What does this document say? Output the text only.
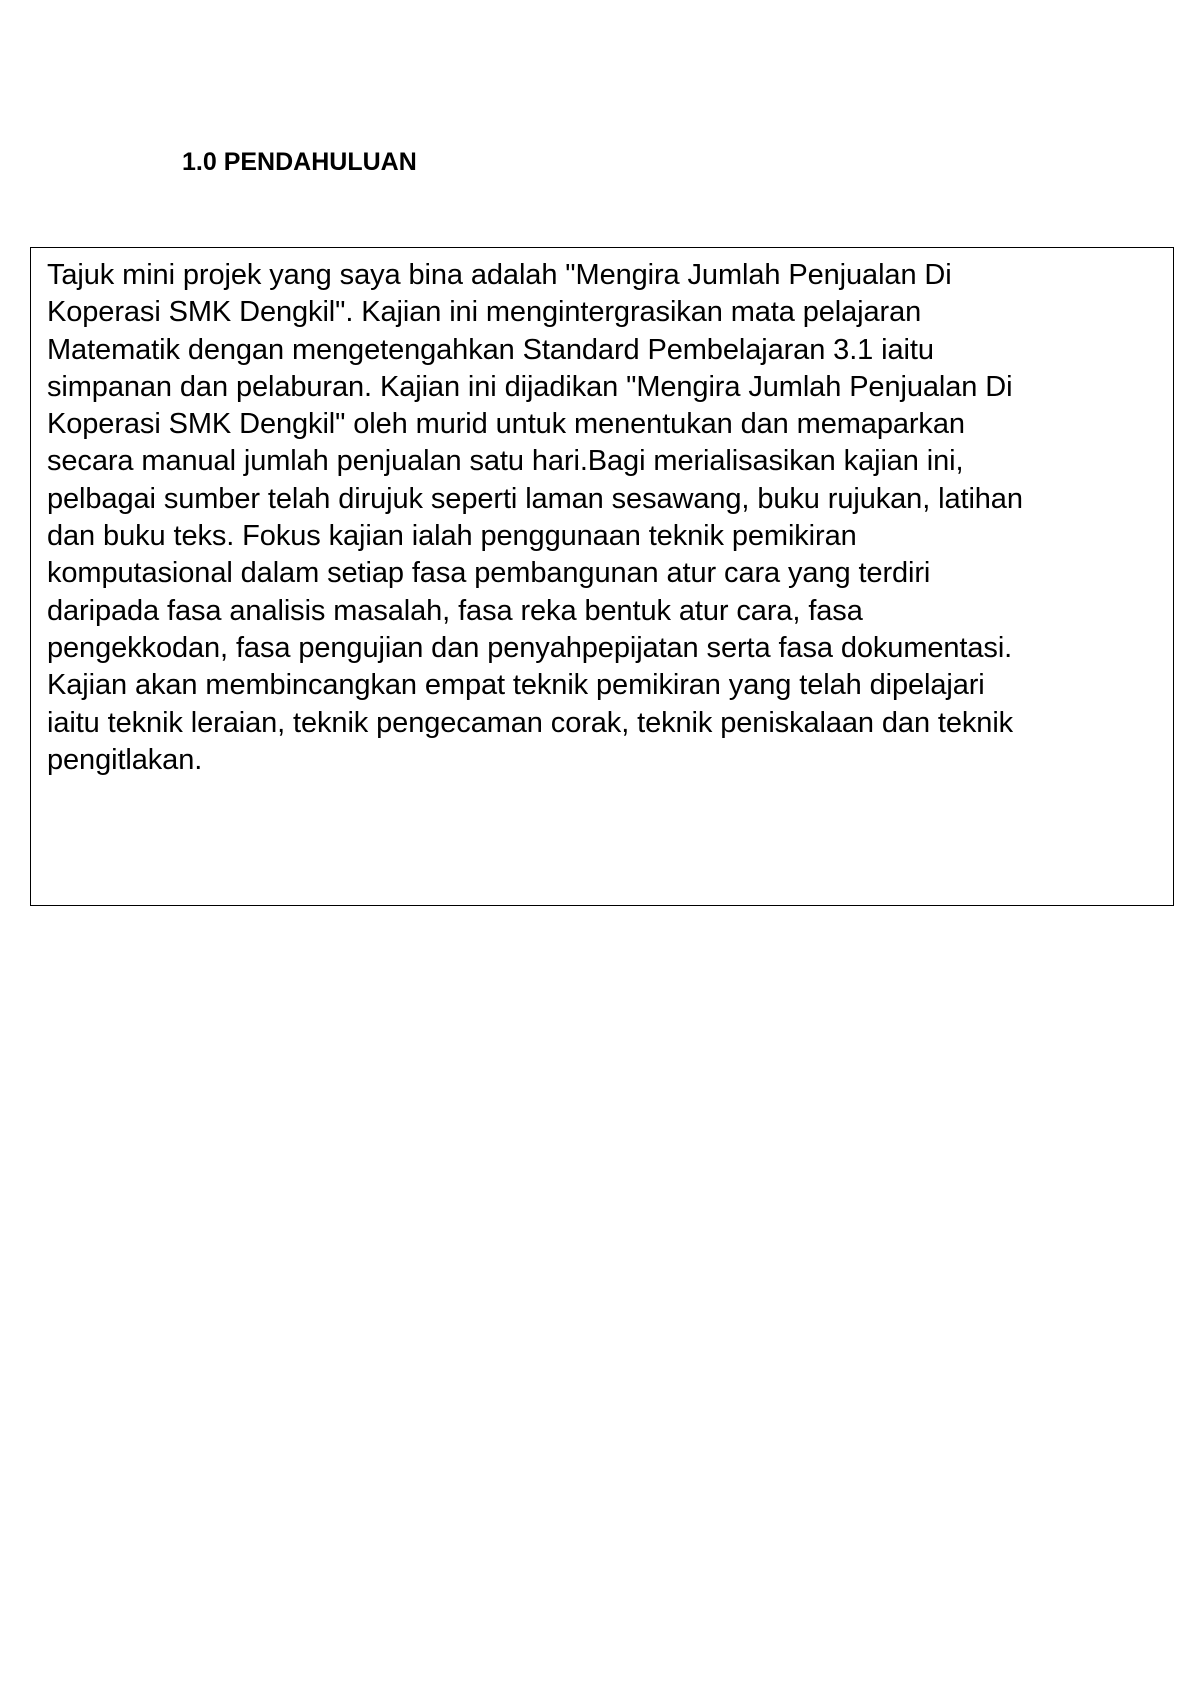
1.0 PENDAHULUAN
Tajuk mini projek yang saya bina adalah "Mengira Jumlah Penjualan Di
Koperasi SMK Dengkil". Kajian ini mengintergrasikan mata pelajaran
Matematik dengan mengetengahkan Standard Pembelajaran 3.1 iaitu
simpanan dan pelaburan. Kajian ini dijadikan "Mengira Jumlah Penjualan Di
Koperasi SMK Dengkil" oleh murid untuk menentukan dan memaparkan
secara manual jumlah penjualan satu hari.Bagi merialisasikan kajian ini,
pelbagai sumber telah dirujuk seperti laman sesawang, buku rujukan, latihan
dan buku teks. Fokus kajian ialah penggunaan teknik pemikiran
komputasional dalam setiap fasa pembangunan atur cara yang terdiri
daripada fasa analisis masalah, fasa reka bentuk atur cara, fasa
pengekkodan, fasa pengujian dan penyahpepijatan serta fasa dokumentasi.
Kajian akan membincangkan empat teknik pemikiran yang telah dipelajari
iaitu teknik leraian, teknik pengecaman corak, teknik peniskalaan dan teknik
pengitlakan.
